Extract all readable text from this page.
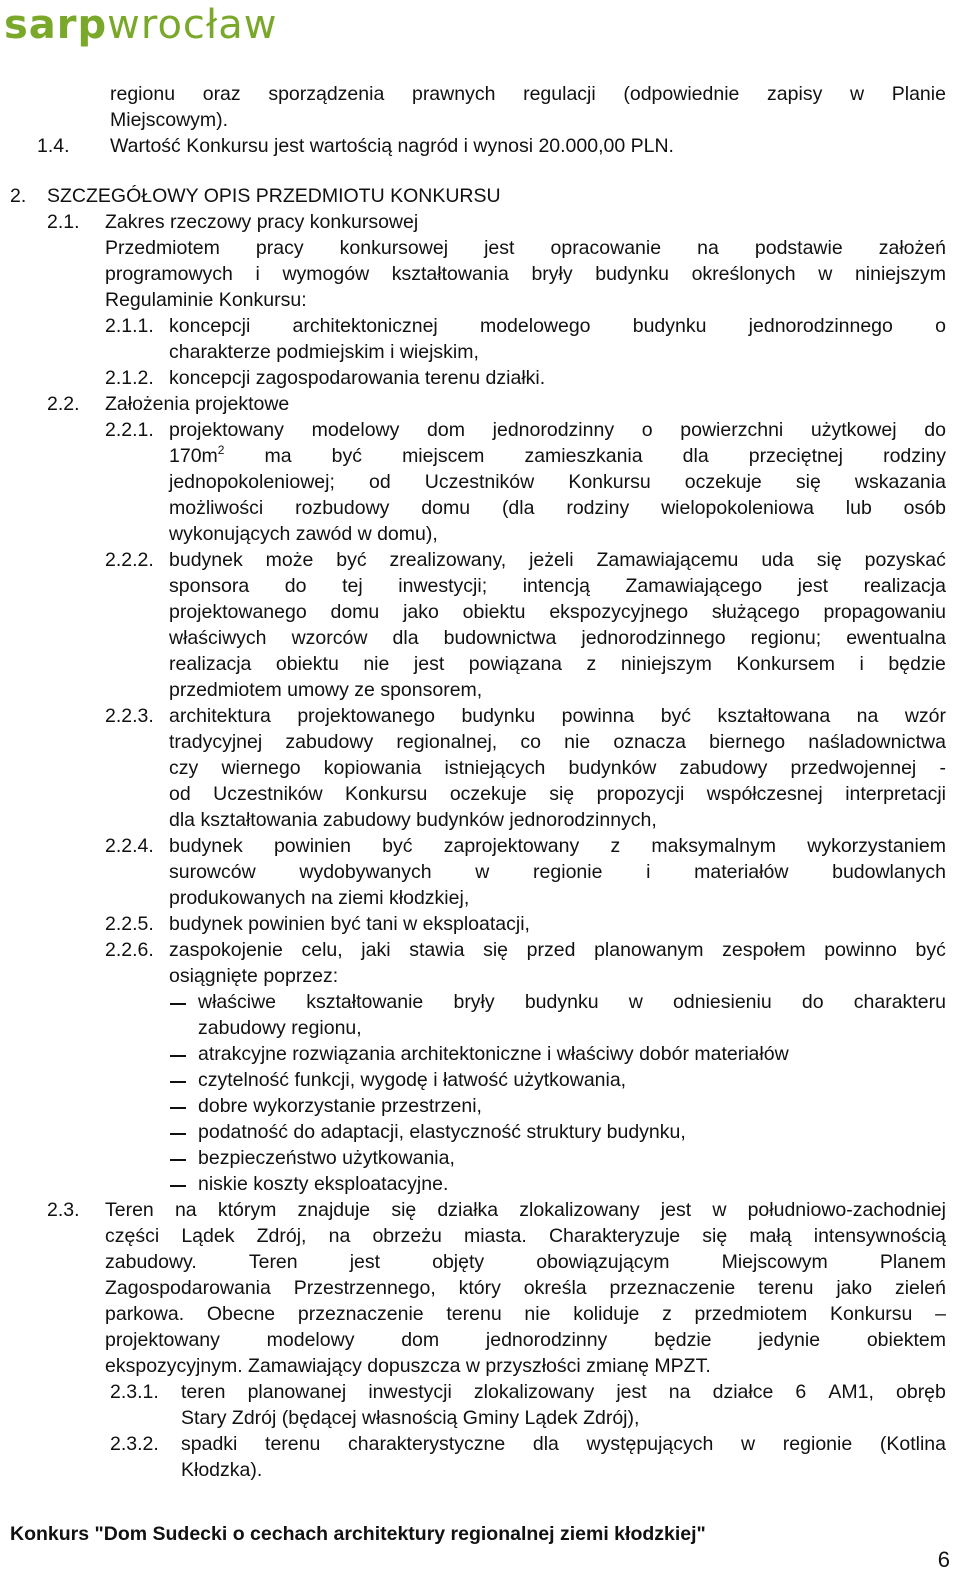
sarp wrocław
regionu oraz sporządzenia prawnych regulacji (odpowiednie zapisy w Planie
Miejscowym).
1.4. Wartość Konkursu jest wartością nagród i wynosi 20.000,00 PLN.
2. SZCZEGÓŁOWY OPIS PRZEDMIOTU KONKURSU
2.1. Zakres rzeczowy pracy konkursowej
Przedmiotem pracy konkursowej jest opracowanie na podstawie założeń
programowych i wymogów kształtowania bryły budynku określonych w niniejszym
Regulaminie Konkursu:
2.1.1. koncepcji architektonicznej modelowego budynku jednorodzinnego o
charakterze podmiejskim i wiejskim,
2.1.2. koncepcji zagospodarowania terenu działki.
2.2. Założenia projektowe
2.2.1. projektowany modelowy dom jednorodzinny o powierzchni użytkowej do
$170m^2$ ma być miejscem zamieszkania dla przeciętnej rodziny
jednopokoleniowej; od Uczestników Konkursu oczekuje się wskazania
możliwości rozbudowy domu (dla rodziny wielopokoleniowa lub osób
wykonujących zawód w domu),
2.2.2. budynek może być zrealizowany, jeżeli Zamawiającemu uda się pozyskać
sponsora do tej inwestycji; intencją Zamawiającego jest realizacja
projektowanego domu jako obiektu ekspozycyjnego służącego propagowaniu
właściwych wzorców dla budownictwa jednorodzinnego regionu; ewentualna
realizacja obiektu nie jest powiązana z niniejszym Konkursem i będzie
przedmiotem umowy ze sponsorem,
2.2.3. architektura projektowanego budynku powinna być kształtowana na wzór
tradycyjnej zabudowy regionalnej, co nie oznacza biernego naśladownictwa
czy wiernego kopiowania istniejących budynków zabudowy przedwojennej -
od Uczestników Konkursu oczekuje się propozycji współczesnej interpretacji
dla kształtowania zabudowy budynków jednorodzinnych,
2.2.4. budynek powinien być zaprojektowany z maksymalnym wykorzystaniem
surowców wydobywanych w regionie i materiałów budowlanych
produkowanych na ziemi kłodzkiej,
2.2.5. budynek powinien być tani w eksploatacji,
2.2.6. zaspokojenie celu, jaki stawia się przed planowanym zespołem powinno być
osiągnięte poprzez:
właściwe kształtowanie bryły budynku w odniesieniu do charakteru
zabudowy regionu,
atrakcyjne rozwiązania architektoniczne i właściwy dobór materiałów
czytelność funkcji, wygodę i łatwość użytkowania,
dobre wykorzystanie przestrzeni,
podatność do adaptacji, elastyczność struktury budynku,
bezpieczeństwo użytkowania,
niskie koszty eksploatacyjne.
2.3. Teren na którym znajduje się działka zlokalizowany jest w południowo-zachodniej
części Lądek Zdrój, na obrzeżu miasta. Charakteryzuje się małą intensywnością
zabudowy.	Teren	jest	objęty	obowiązującym	Miejscowym	Planem
Zagospodarowania Przestrzennego, który określa przeznaczenie terenu jako zieleń
parkowa. Obecne przeznaczenie terenu nie koliduje z przedmiotem Konkursu –
projektowany modelowy dom jednorodzinny będzie jedynie obiektem
ekspozycyjnym. Zamawiający dopuszcza w przyszłości zmianę MPZT.
2.3.1. teren planowanej inwestycji zlokalizowany jest na działce 6 AM1, obręb
Stary Zdrój (będącej własnością Gminy Lądek Zdrój),
2.3.2. spadki terenu charakterystyczne dla występujących w regionie (Kotlina
Kłodzka).
Konkurs "Dom Sudecki o cechach architektury regionalnej ziemi kłodzkiej"
6
